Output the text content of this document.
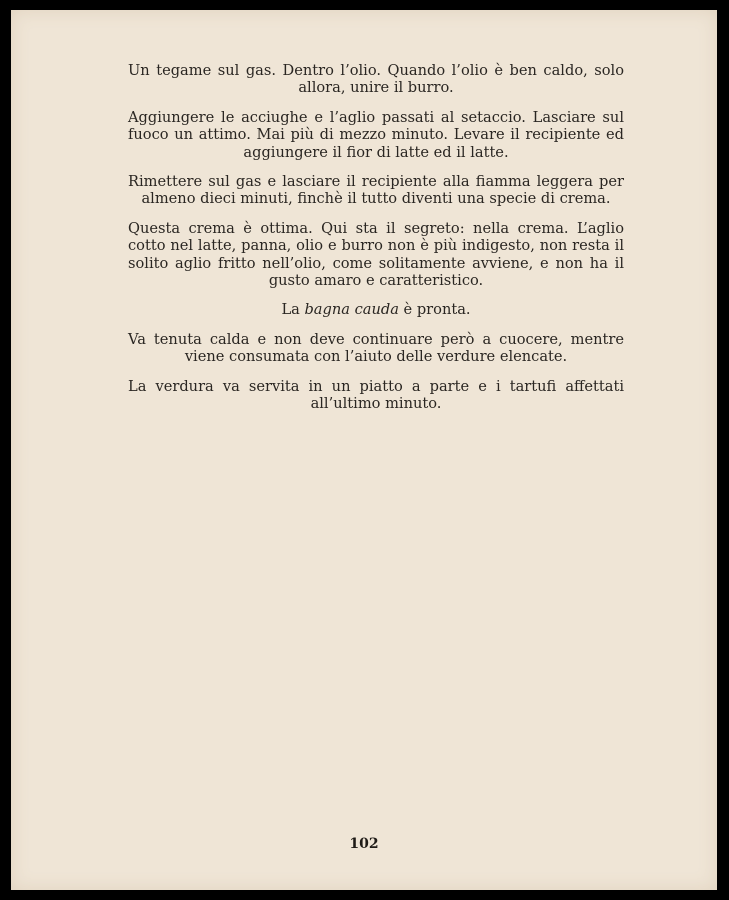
Un tegame sul gas. Dentro l’olio. Quando l’olio è ben caldo, solo allora, unire il burro.

Aggiungere le acciughe e l’aglio passati al setaccio. Lasciare sul fuoco un attimo. Mai più di mezzo minuto. Levare il recipiente ed aggiungere il fior di latte ed il latte.

Rimettere sul gas e lasciare il recipiente alla fiamma leggera per almeno dieci minuti, finchè il tutto diventi una specie di crema.

Questa crema è ottima. Qui sta il segreto: nella crema. L’aglio cotto nel latte, panna, olio e burro non è più indigesto, non resta il solito aglio fritto nell’olio, come solitamente avviene, e non ha il gusto amaro e caratteristico.

La bagna cauda è pronta.

Va tenuta calda e non deve continuare però a cuocere, mentre viene consumata con l’aiuto delle verdure elencate.

La verdura va servita in un piatto a parte e i tartufi affettati all’ultimo minuto.

102
